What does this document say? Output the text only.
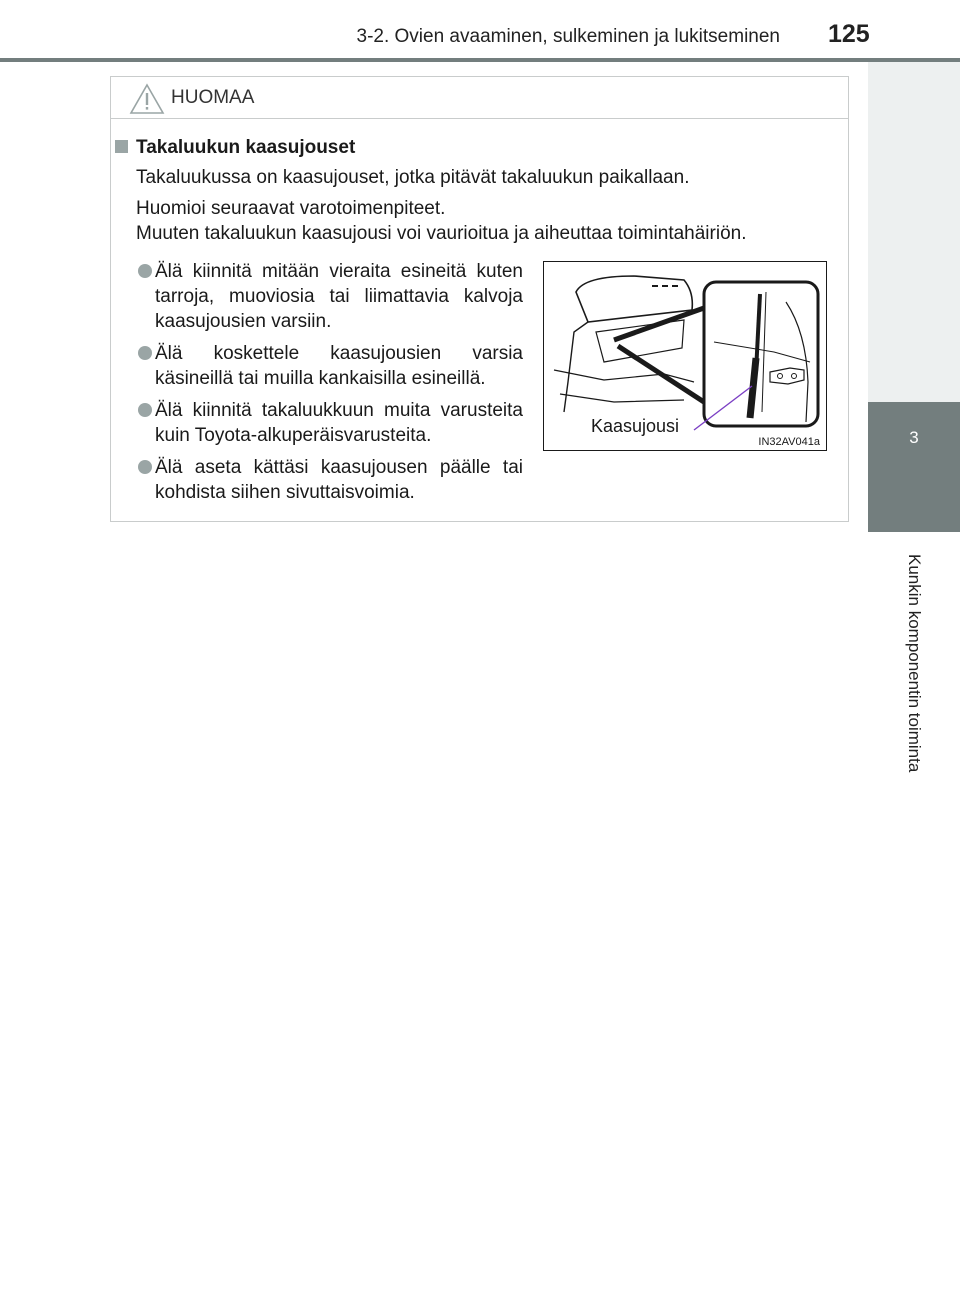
3-2. Ovien avaaminen, sulkeminen ja lukitseminen 125
3
Kunkin komponentin toiminta
HUOMAA
Takaluukun kaasujouset
Takaluukussa on kaasujouset, jotka pitävät takaluukun paikallaan.
Huomioi seuraavat varotoimenpiteet.
Muuten takaluukun kaasujousi voi vaurioitua ja aiheuttaa toimintahäiriön.
Älä kiinnitä mitään vieraita esineitä kuten tarroja, muoviosia tai liimattavia kalvoja kaasujousien varsiin.
Älä koskettele kaasujousien varsia käsineillä tai muilla kankaisilla esineillä.
Älä kiinnitä takaluukkuun muita varusteita kuin Toyota-alkuperäisvarusteita.
Älä aseta kättäsi kaasujousen päälle tai kohdista siihen sivuttaisvoimia.
Kaasujousi
IN32AV041a
